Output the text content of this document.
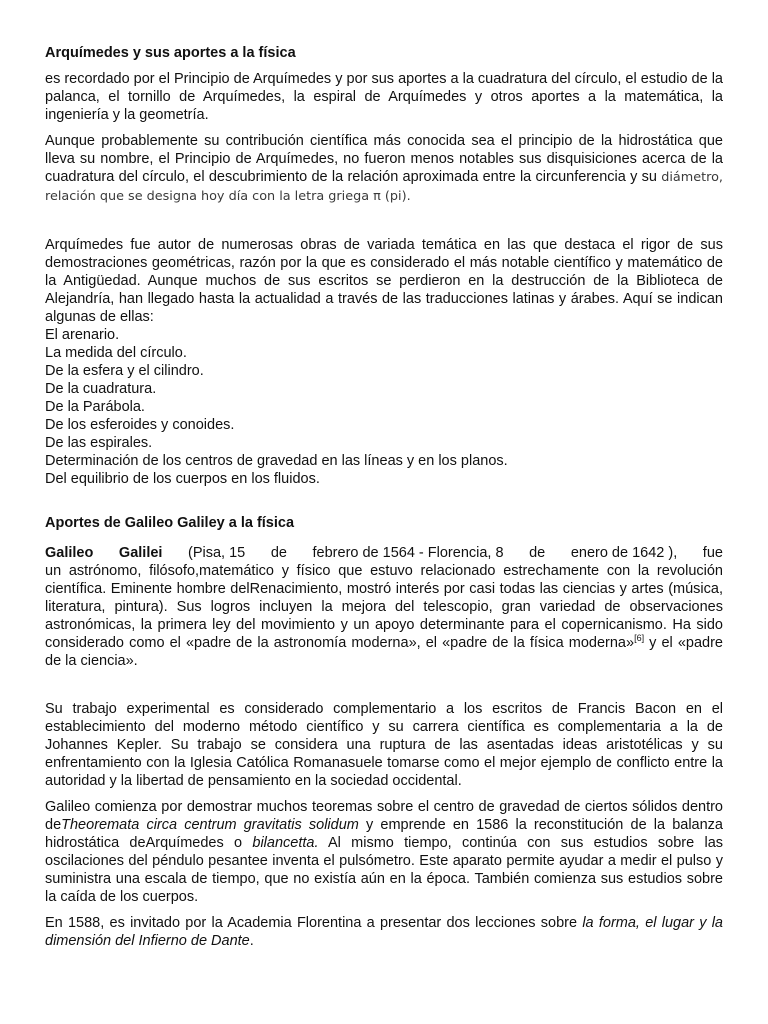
Arquímedes y sus aportes a la física

es recordado por el Principio de Arquímedes y por sus aportes a la cuadratura del círculo, el estudio de la palanca, el tornillo de Arquímedes, la espiral de Arquímedes y otros aportes a la matemática, la ingeniería y la geometría.

Aunque probablemente su contribución científica más conocida sea el principio de la hidrostática que lleva su nombre, el Principio de Arquímedes, no fueron menos notables sus disquisiciones acerca de la cuadratura del círculo, el descubrimiento de la relación aproximada entre la circunferencia y su diámetro, relación que se designa hoy día con la letra griega π (pi).

Arquímedes fue autor de numerosas obras de variada temática en las que destaca el rigor de sus demostraciones geométricas, razón por la que es considerado el más notable científico y matemático de la Antigüedad. Aunque muchos de sus escritos se perdieron en la destrucción de la Biblioteca de Alejandría, han llegado hasta la actualidad a través de las traducciones latinas y árabes. Aquí se indican algunas de ellas:

El arenario.
La medida del círculo.
De la esfera y el cilindro.
De la cuadratura.
De la Parábola.
De los esferoides y conoides.
De las espirales.
Determinación de los centros de gravedad en las líneas y en los planos.
Del equilibrio de los cuerpos en los fluidos.
Aportes de Galileo Galiley a la física
Galileo Galilei (Pisa, 15 de febrero de 1564 - Florencia, 8 de enero de 1642 ), fue

un astrónomo, filósofo,matemático y físico que estuvo relacionado estrechamente con la revolución científica. Eminente hombre delRenacimiento, mostró interés por casi todas las ciencias y artes (música, literatura, pintura). Sus logros incluyen la mejora del telescopio, gran variedad de observaciones astronómicas, la primera ley del movimiento y un apoyo determinante para el copernicanismo. Ha sido considerado como el «padre de la astronomía moderna», el «padre de la física moderna»[6] y el «padre de la ciencia».

Su trabajo experimental es considerado complementario a los escritos de Francis Bacon en el establecimiento del moderno método científico y su carrera científica es complementaria a la de Johannes Kepler. Su trabajo se considera una ruptura de las asentadas ideas aristotélicas y su enfrentamiento con la Iglesia Católica Romanasuele tomarse como el mejor ejemplo de conflicto entre la autoridad y la libertad de pensamiento en la sociedad occidental.

Galileo comienza por demostrar muchos teoremas sobre el centro de gravedad de ciertos sólidos dentro deTheoremata circa centrum gravitatis solidum y emprende en 1586 la reconstitución de la balanza hidrostática deArquímedes o bilancetta. Al mismo tiempo, continúa con sus estudios sobre las oscilaciones del péndulo pesantee inventa el pulsómetro. Este aparato permite ayudar a medir el pulso y suministra una escala de tiempo, que no existía aún en la época. También comienza sus estudios sobre la caída de los cuerpos.

En 1588, es invitado por la Academia Florentina a presentar dos lecciones sobre la forma, el lugar y la dimensión del Infierno de Dante.
